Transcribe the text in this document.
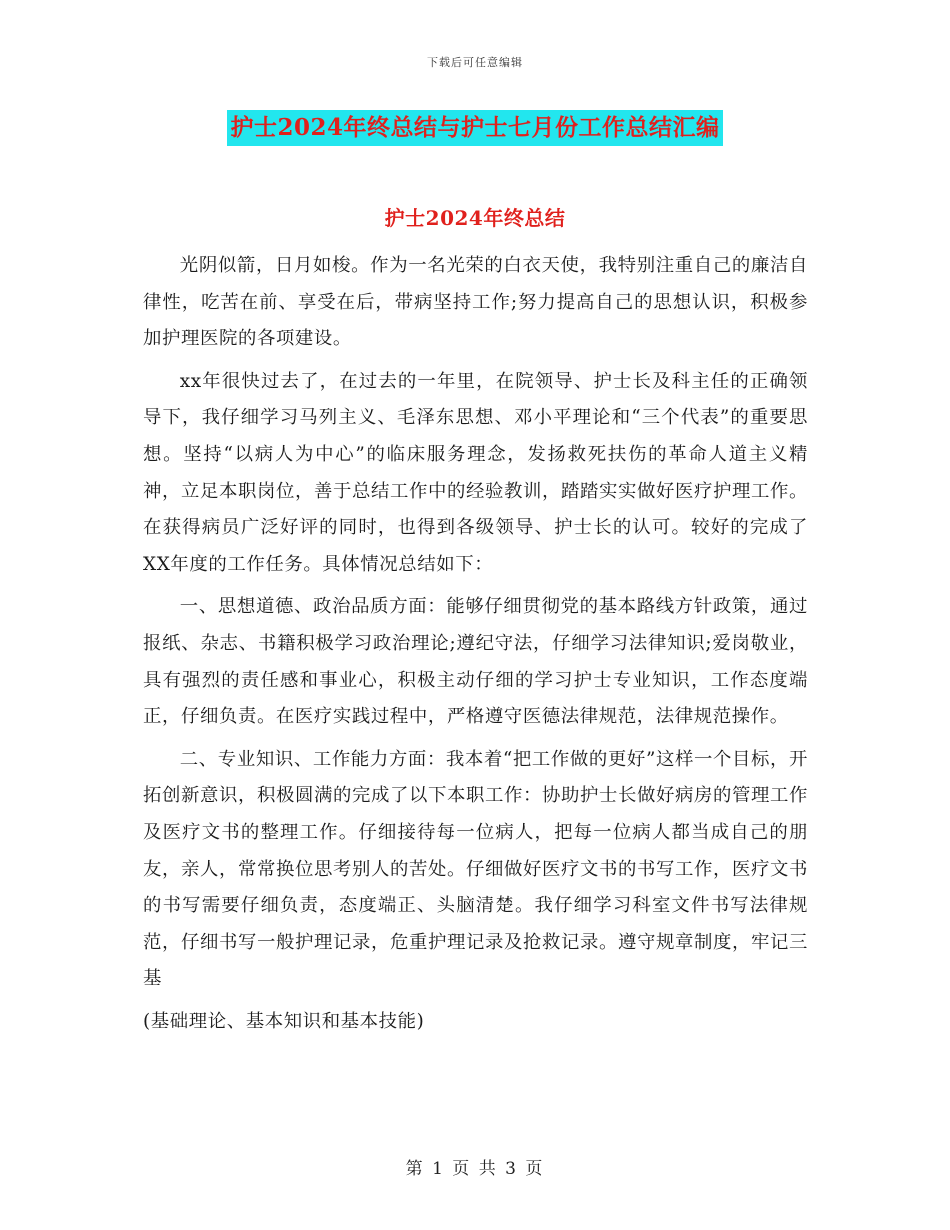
下载后可任意编辑
护士2024年终总结与护士七月份工作总结汇编
护士2024年终总结

光阴似箭，日月如梭。作为一名光荣的白衣天使，我特别注重自己的廉洁自律性，吃苦在前、享受在后，带病坚持工作;努力提高自己的思想认识，积极参加护理医院的各项建设。

xx年很快过去了，在过去的一年里，在院领导、护士长及科主任的正确领导下，我仔细学习马列主义、毛泽东思想、邓小平理论和“三个代表”的重要思想。坚持“以病人为中心”的临床服务理念，发扬救死扶伤的革命人道主义精神，立足本职岗位，善于总结工作中的经验教训，踏踏实实做好医疗护理工作。在获得病员广泛好评的同时，也得到各级领导、护士长的认可。较好的完成了XX年度的工作任务。具体情况总结如下：

一、思想道德、政治品质方面：能够仔细贯彻党的基本路线方针政策，通过报纸、杂志、书籍积极学习政治理论;遵纪守法，仔细学习法律知识;爱岗敬业，具有强烈的责任感和事业心，积极主动仔细的学习护士专业知识，工作态度端正，仔细负责。在医疗实践过程中，严格遵守医德法律规范，法律规范操作。

二、专业知识、工作能力方面：我本着“把工作做的更好”这样一个目标，开拓创新意识，积极圆满的完成了以下本职工作：协助护士长做好病房的管理工作及医疗文书的整理工作。仔细接待每一位病人，把每一位病人都当成自己的朋友，亲人，常常换位思考别人的苦处。仔细做好医疗文书的书写工作，医疗文书的书写需要仔细负责，态度端正、头脑清楚。我仔细学习科室文件书写法律规范，仔细书写一般护理记录，危重护理记录及抢救记录。遵守规章制度，牢记三基

(基础理论、基本知识和基本技能)

第 1 页 共 3 页
